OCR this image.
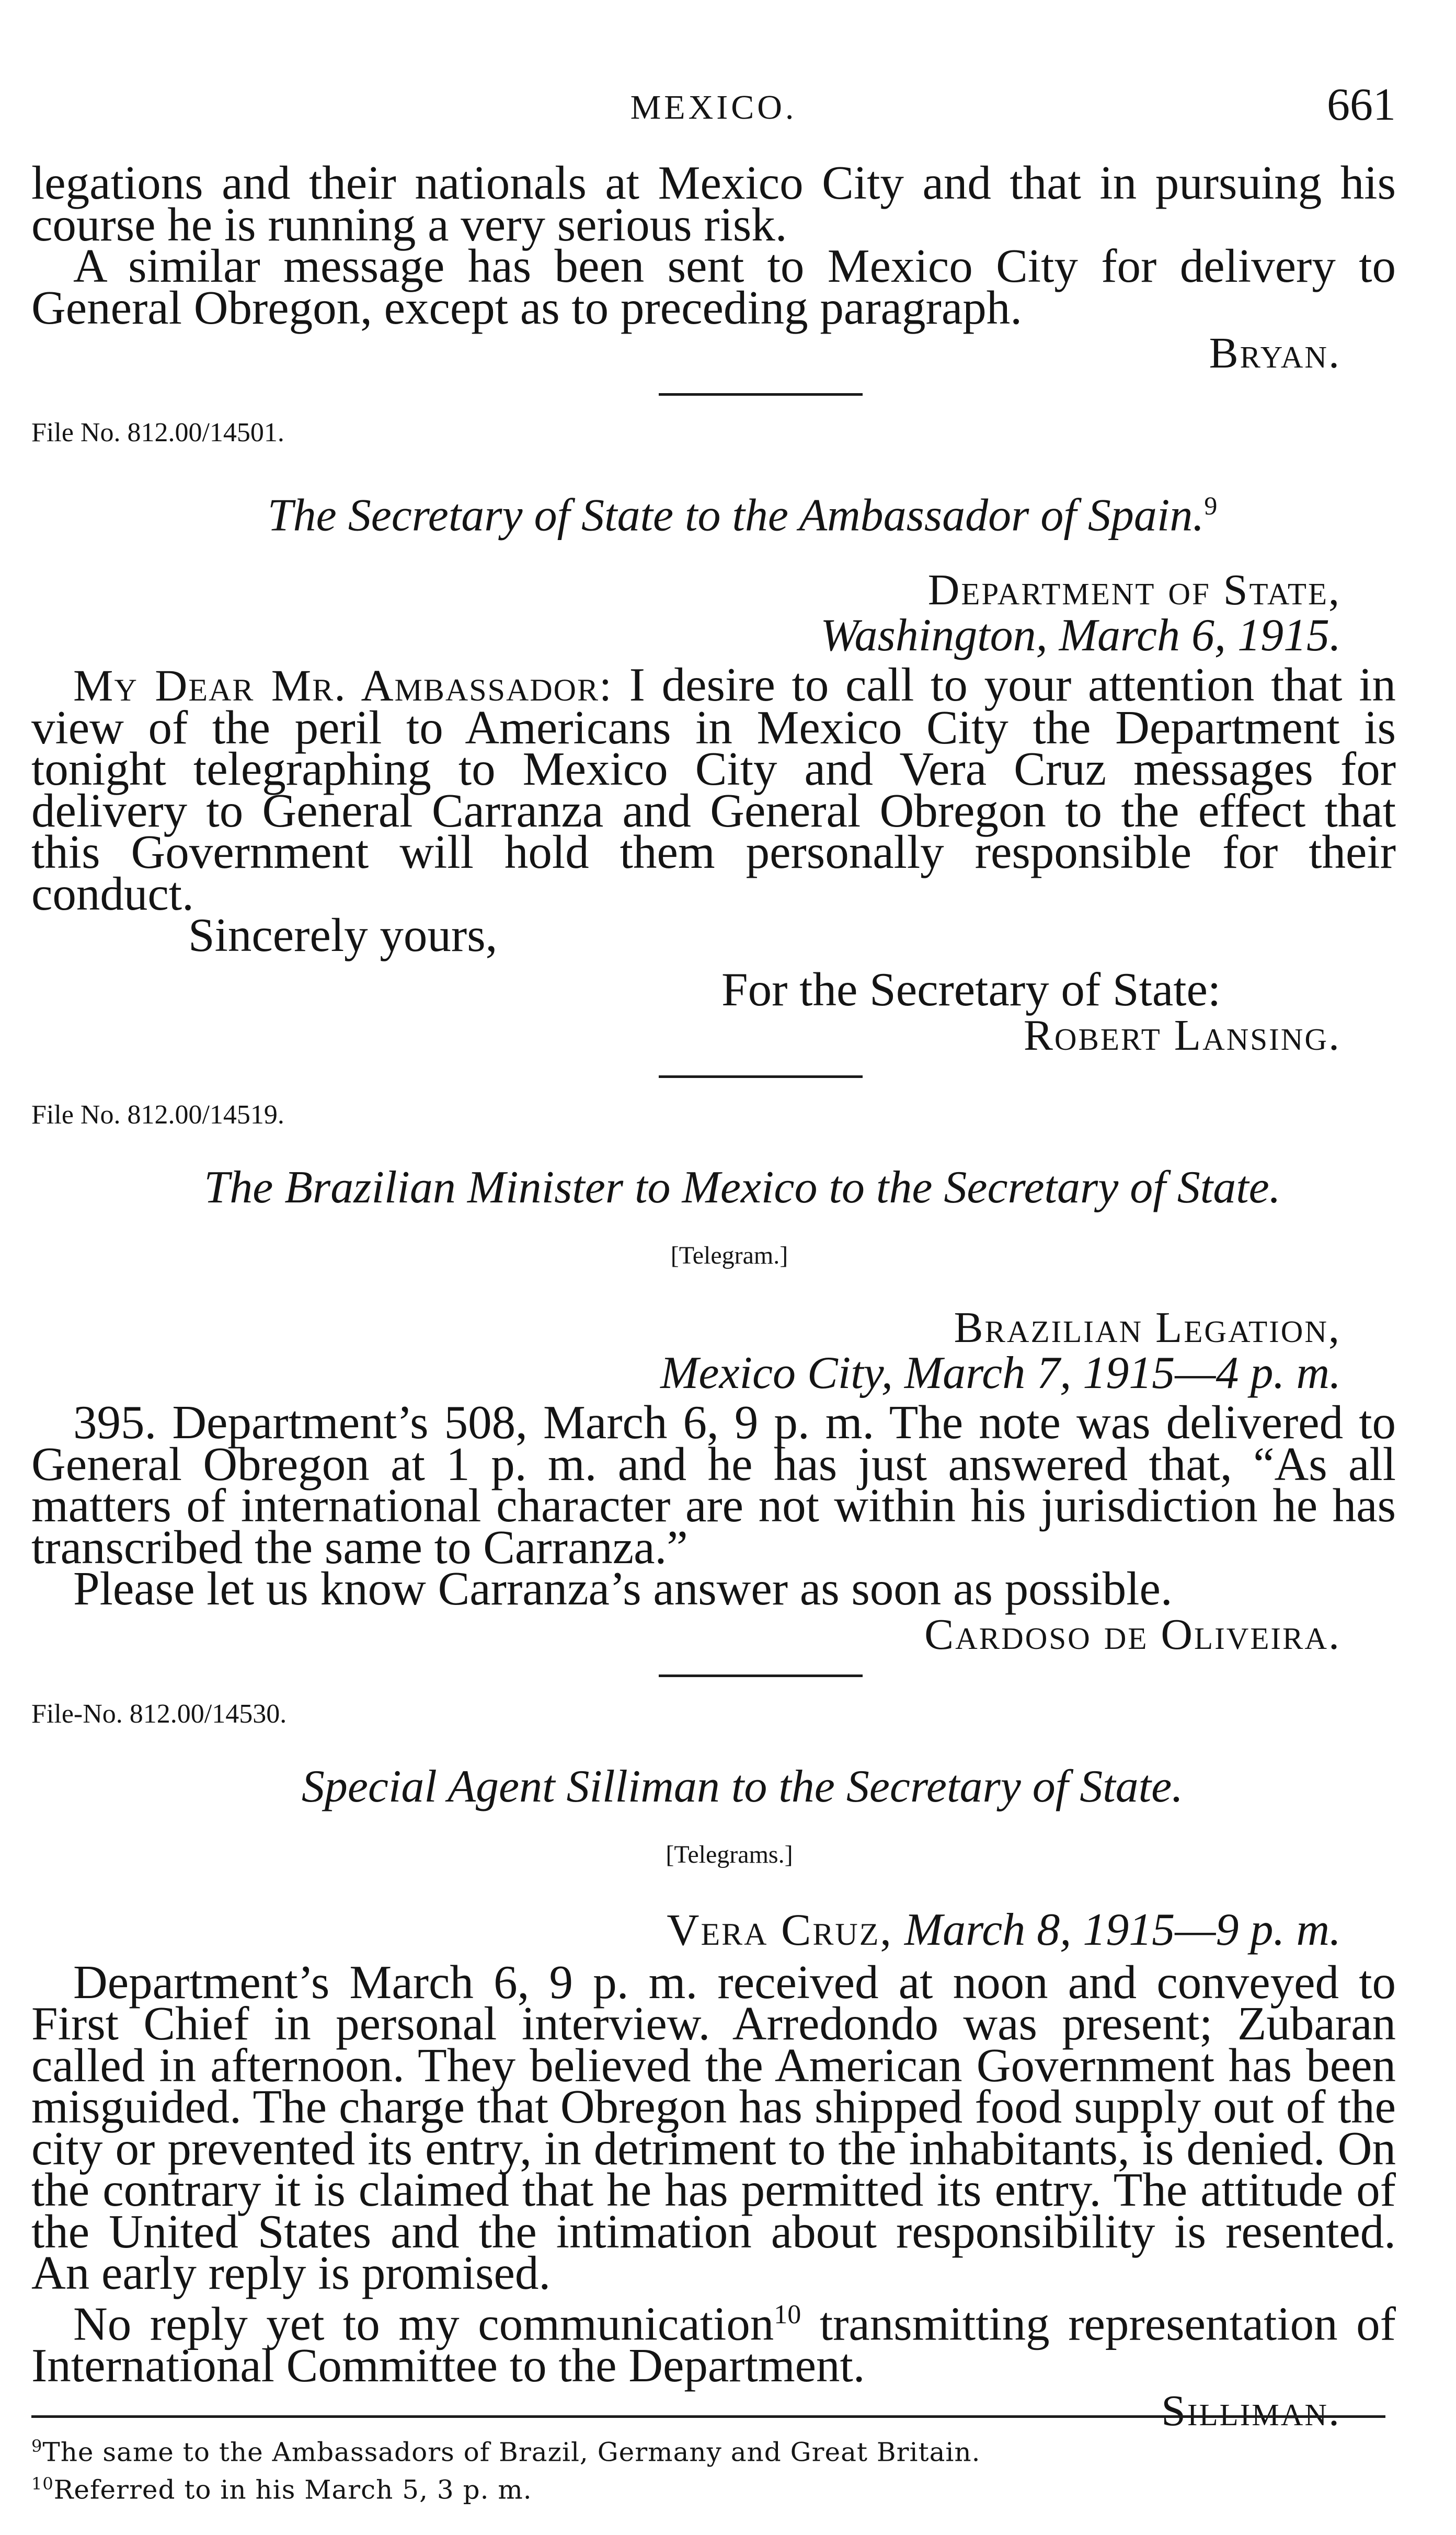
MEXICO.	661

legations and their nationals at Mexico City and that in pursuing his course he is running a very serious risk.

A similar message has been sent to Mexico City for delivery to General Obregon, except as to preceding paragraph.

Bryan.

File No. 812.00/14501.

The Secretary of State to the Ambassador of Spain.$^9$

Department of State,

Washington, March 6, 1915.

My Dear Mr. Ambassador: I desire to call to your attention that in view of the peril to Americans in Mexico City the Department is tonight telegraphing to Mexico City and Vera Cruz messages for delivery to General Carranza and General Obregon to the effect that this Government will hold them personally responsible for their conduct.

Sincerely yours,

For the Secretary of State:

Robert Lansing.

File No. 812.00/14519.

The Brazilian Minister to Mexico to the Secretary of State.

[Telegram.]

Brazilian Legation,

Mexico City, March 7, 1915—4 p. m.

395. Department’s 508, March 6, 9 p. m. The note was delivered to General Obregon at 1 p. m. and he has just answered that, “As all matters of international character are not within his jurisdiction he has transcribed the same to Carranza.”

Please let us know Carranza’s answer as soon as possible.

Cardoso de Oliveira.

File-No. 812.00/14530.

Special Agent Silliman to the Secretary of State.

[Telegrams.]

Vera Cruz, March 8, 1915—9 p. m.

Department’s March 6, 9 p. m. received at noon and conveyed to First Chief in personal interview. Arredondo was present; Zubaran called in afternoon. They believed the American Government has been misguided. The charge that Obregon has shipped food supply out of the city or prevented its entry, in detriment to the inhabitants, is denied. On the contrary it is claimed that he has permitted its entry. The attitude of the United States and the intimation about responsibility is resented. An early reply is promised.

No reply yet to my communication$^{10}$ transmitting representation of International Committee to the Department.

Silliman.

$^9$The same to the Ambassadors of Brazil, Germany and Great Britain.

$^{10}$Referred to in his March 5, 3 p. m.
